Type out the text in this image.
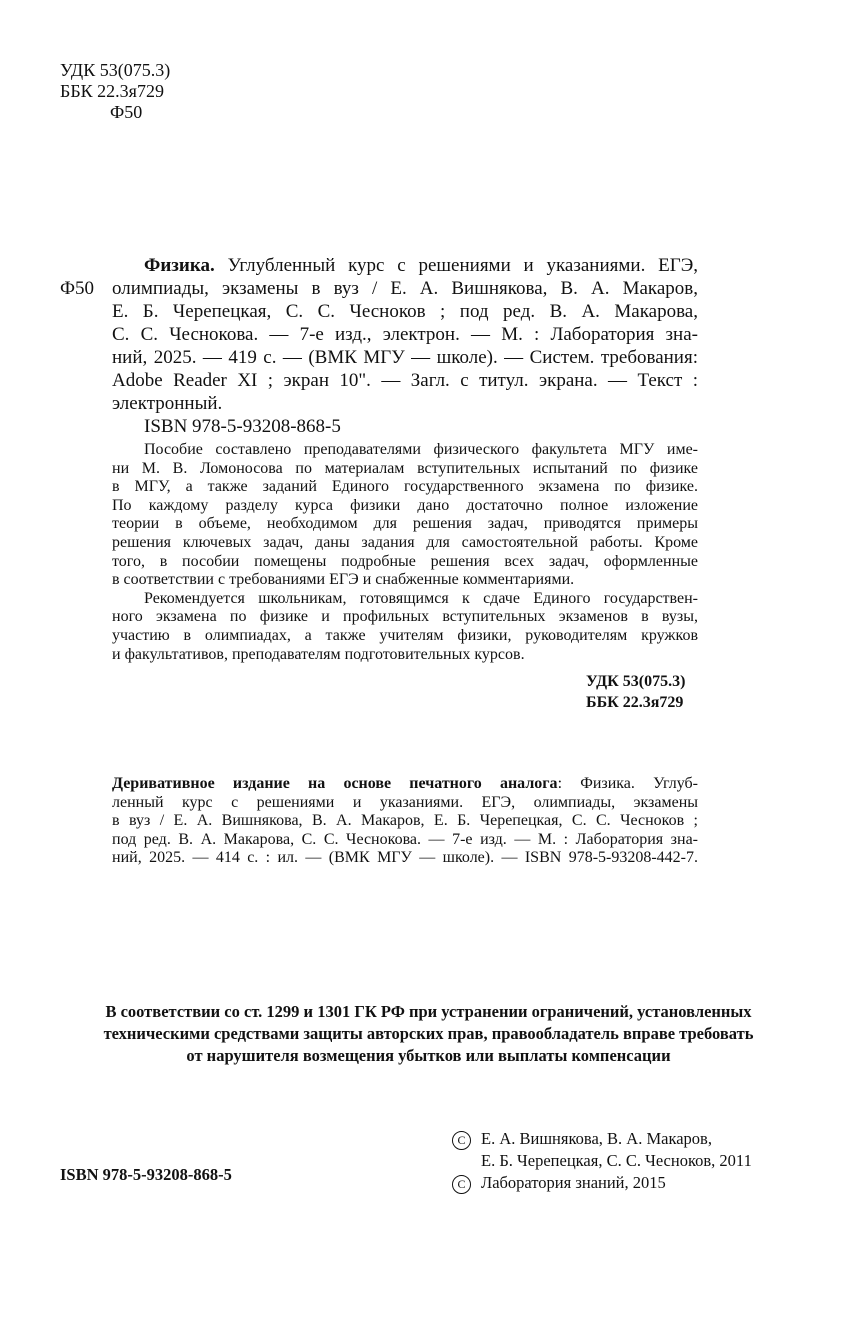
УДК 53(075.3)
ББК 22.3я729
Ф50
Ф50
Физика. Углубленный курс с решениями и указаниями. ЕГЭ,
олимпиады, экзамены в вуз / Е. А. Вишнякова, В. А. Макаров,
Е. Б. Черепецкая, С. С. Чесноков ; под ред. В. А. Макарова,
С. С. Чеснокова. — 7-е изд., электрон. — М. : Лаборатория зна-
ний, 2025. — 419 с. — (ВМК МГУ — школе). — Систем. требования:
Adobe Reader XI ; экран 10". — Загл. с титул. экрана. — Текст :
электронный.
ISBN 978-5-93208-868-5
Пособие составлено преподавателями физического факультета МГУ име-
ни М. В. Ломоносова по материалам вступительных испытаний по физике
в МГУ, а также заданий Единого государственного экзамена по физике.
По каждому разделу курса физики дано достаточно полное изложение
теории в объеме, необходимом для решения задач, приводятся примеры
решения ключевых задач, даны задания для самостоятельной работы. Кроме
того, в пособии помещены подробные решения всех задач, оформленные
в соответствии с требованиями ЕГЭ и снабженные комментариями.
Рекомендуется школьникам, готовящимся к сдаче Единого государствен-
ного экзамена по физике и профильных вступительных экзаменов в вузы,
участию в олимпиадах, а также учителям физики, руководителям кружков
и факультативов, преподавателям подготовительных курсов.
УДК 53(075.3)
ББК 22.3я729
Деривативное издание на основе печатного аналога: Физика. Углуб-
ленный курс с решениями и указаниями. ЕГЭ, олимпиады, экзамены
в вуз / Е. А. Вишнякова, В. А. Макаров, Е. Б. Черепецкая, С. С. Чесноков ;
под ред. В. А. Макарова, С. С. Чеснокова. — 7-е изд. — М. : Лаборатория зна-
ний, 2025. — 414 с. : ил. — (ВМК МГУ — школе). — ISBN 978-5-93208-442-7.
В соответствии со ст. 1299 и 1301 ГК РФ при устранении ограничений, установленных
техническими средствами защиты авторских прав, правообладатель вправе требовать
от нарушителя возмещения убытков или выплаты компенсации
ISBN 978-5-93208-868-5
C Е. А. Вишнякова, В. А. Макаров,
Е. Б. Черепецкая, С. С. Чесноков, 2011
C Лаборатория знаний, 2015
